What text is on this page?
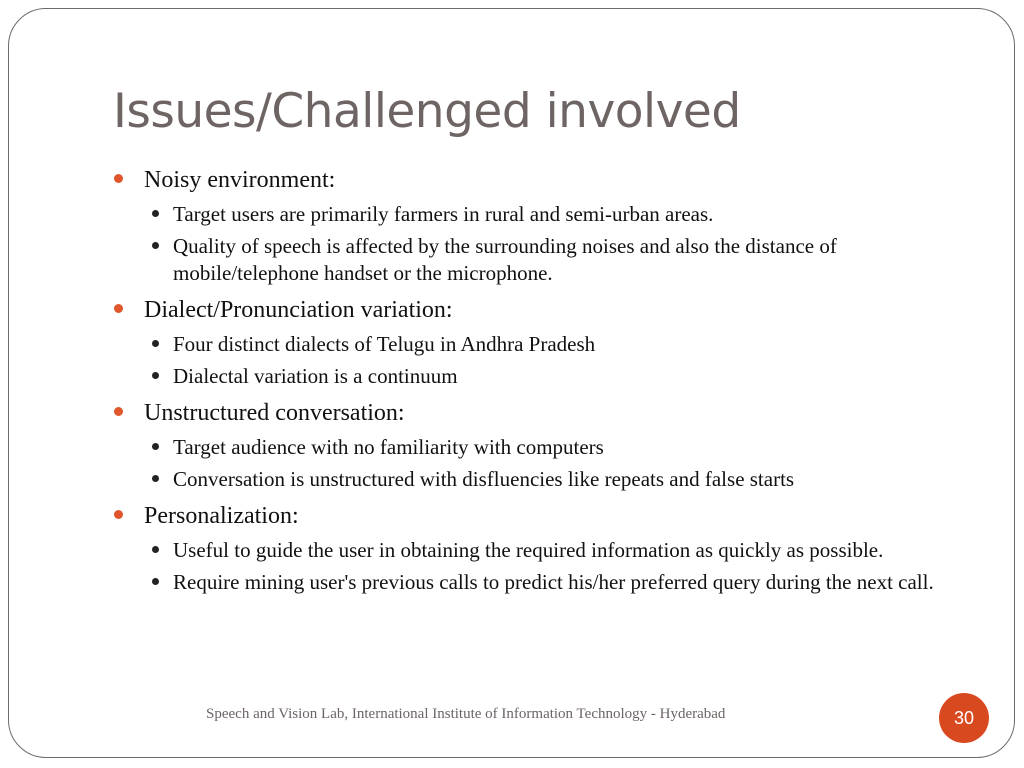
Issues/Challenged involved
Noisy environment:
Target users are primarily farmers in rural and semi-urban areas.
Quality of speech is affected by the surrounding noises and also the distance of mobile/telephone handset or the microphone.
Dialect/Pronunciation variation:
Four distinct dialects of Telugu in Andhra Pradesh
Dialectal variation is a continuum
Unstructured conversation:
Target audience with no familiarity with computers
Conversation is unstructured with disfluencies like repeats and false starts
Personalization:
Useful to guide the user in obtaining the required information as quickly as possible.
Require mining user's previous calls to predict his/her preferred query during the next call.
Speech and Vision Lab, International Institute of Information Technology - Hyderabad	30
